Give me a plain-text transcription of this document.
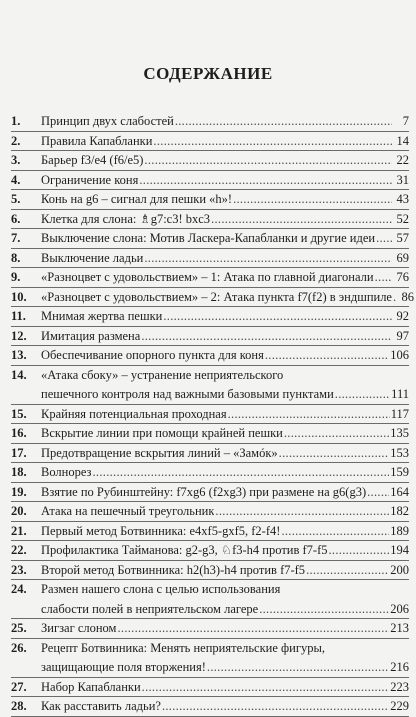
СОДЕРЖАНИЕ
1.	Принцип двух слабостей .....	7
2.	Правила Капабланки .....	14
3.	Барьер f3/e4 (f6/e5) .....	22
4.	Ограничение коня .....	31
5.	Конь на g6 – сигнал для пешки «h»! .....	43
6.	Клетка для слона: ♗g7:c3! bxc3 .....	52
7.	Выключение слона: Мотив Ласкера-Капабланки и другие идеи ..... 57
8.	Выключение ладьи .....	69
9.	«Разноцвет с удовольствием» – 1: Атака по главной диагонали ..... 76
10.	«Разноцвет с удовольствием» – 2: Атака пункта f7(f2) в эндшпиле ..... 86
11.	Мнимая жертва пешки .....	92
12.	Имитация размена .....	97
13.	Обеспечивание опорного пункта для коня .....	106
14.	«Атака сбоку» – устранение неприятельского
пешечного контроля над важными базовыми пунктами .....	111
15.	Крайняя потенциальная проходная .....	117
16.	Вскрытие линии при помощи крайней пешки .....	135
17.	Предотвращение вскрытия линий – «Замóк» .....	153
18.	Волнорез .....	159
19.	Взятие по Рубинштейну: f7xg6 (f2xg3) при размене на g6(g3) ..... 164
20.	Атака на пешечный треугольник .....	182
21.	Первый метод Ботвинника: e4xf5-gxf5, f2-f4! .....	189
22.	Профилактика Тайманова: g2-g3, ♘f3-h4 против f7-f5 .....	194
23.	Второй метод Ботвинника: h2(h3)-h4 против f7-f5 .....	200
24.	Размен нашего слона с целью использования
слабости полей в неприятельском лагере .....	206
25.	Зигзаг слоном .....	213
26.	Рецепт Ботвинника: Менять неприятельские фигуры,
защищающие поля вторжения! .....	216
27.	Набор Капабланки .....	223
28.	Как расставить ладьи? .....	229
